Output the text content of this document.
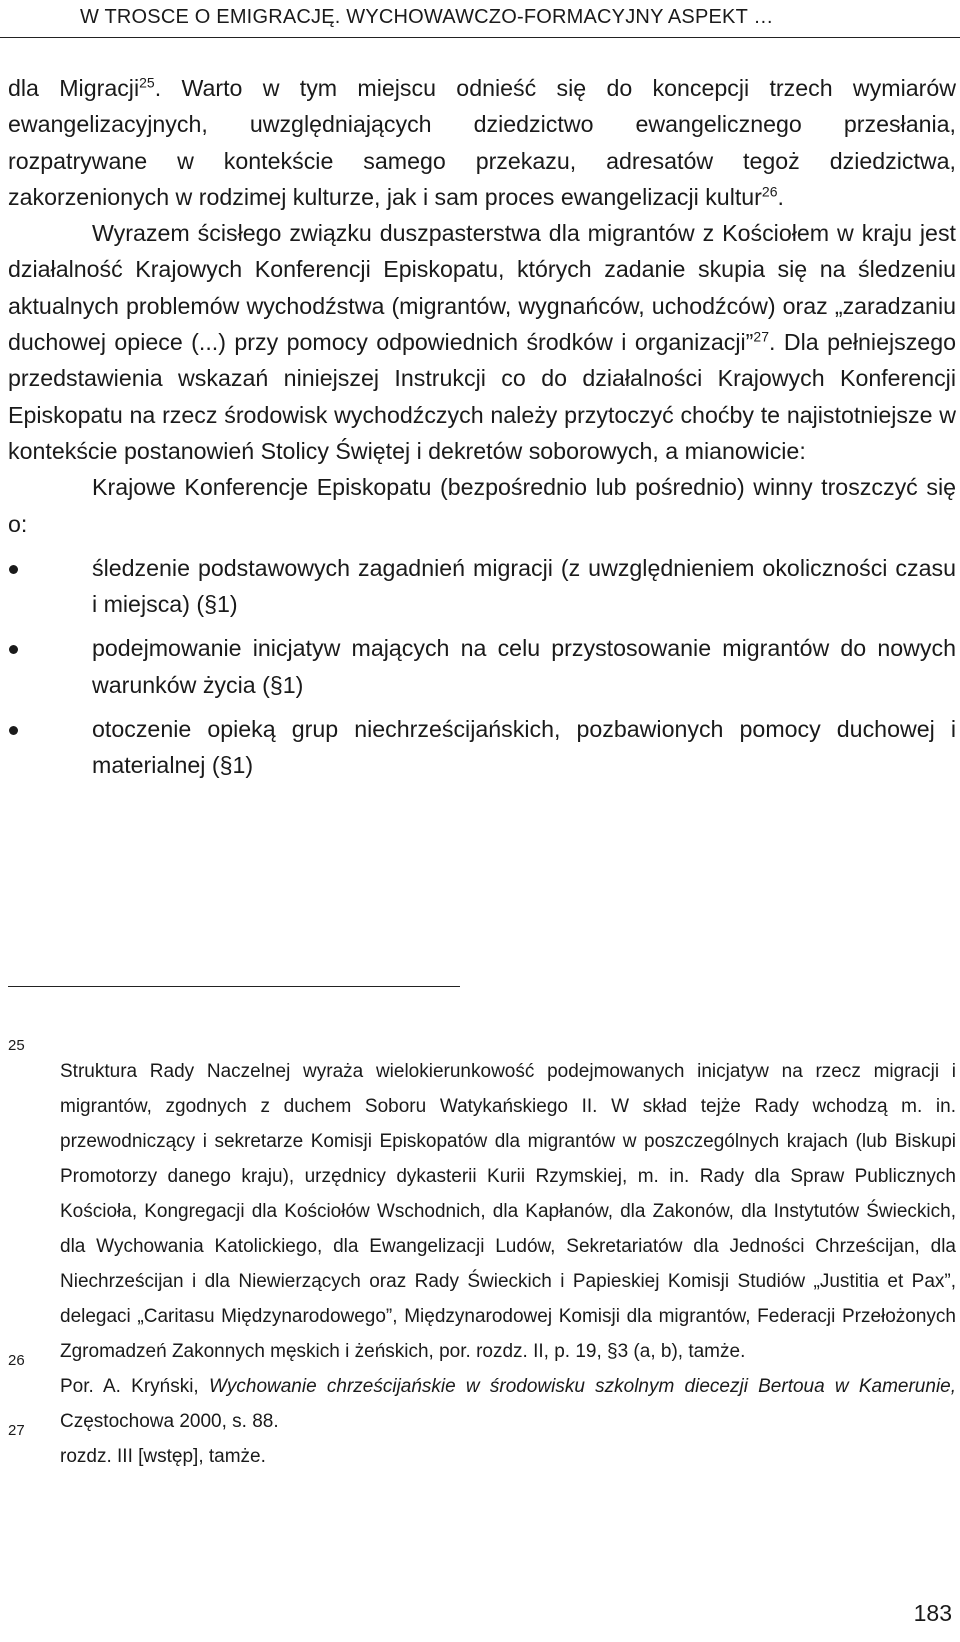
W TROSCE O EMIGRACJĘ. WYCHOWAWCZO-FORMACYJNY ASPEKT …

dla Migracji$^{25}$. Warto w tym miejscu odnieść się do koncepcji trzech wymiarów ewangelizacyjnych, uwzględniających dziedzictwo ewangelicznego przesłania, rozpatrywane w kontekście samego przekazu, adresatów tegoż dziedzictwa, zakorzenionych w rodzimej kulturze, jak i sam proces ewangelizacji kultur$^{26}$.

Wyrazem ścisłego związku duszpasterstwa dla migrantów z Kościołem w kraju jest działalność Krajowych Konferencji Episkopatu, których zadanie skupia się na śledzeniu aktualnych problemów wychodźstwa (migrantów, wygnańców, uchodźców) oraz „zaradzaniu duchowej opiece (...) przy pomocy odpowiednich środków i organizacji”$^{27}$. Dla pełniejszego przedstawienia wskazań niniejszej Instrukcji co do działalności Krajowych Konferencji Episkopatu na rzecz środowisk wychodźczych należy przytoczyć choćby te najistotniejsze w kontekście postanowień Stolicy Świętej i dekretów soborowych, a mianowicie:

Krajowe Konferencje Episkopatu (bezpośrednio lub pośrednio) winny troszczyć się o:

śledzenie podstawowych zagadnień migracji (z uwzględnieniem okoliczności czasu i miejsca) (§1)
podejmowanie inicjatyw mających na celu przystosowanie migrantów do nowych warunków życia (§1)
otoczenie opieką grup niechrześcijańskich, pozbawionych pomocy duchowej i materialnej (§1)
25
Struktura Rady Naczelnej wyraża wielokierunkowość podejmowanych inicjatyw na rzecz migracji i migrantów, zgodnych z duchem Soboru Watykańskiego II. W skład tejże Rady wchodzą m. in. przewodniczący i sekretarze Komisji Episkopatów dla migrantów w poszczególnych krajach (lub Biskupi Promotorzy danego kraju), urzędnicy dykasterii Kurii Rzymskiej, m. in. Rady dla Spraw Publicznych Kościoła, Kongregacji dla Kościołów Wschodnich, dla Kapłanów, dla Zakonów, dla Instytutów Świeckich, dla Wychowania Katolickiego, dla Ewangelizacji Ludów, Sekretariatów dla Jedności Chrześcijan, dla Niechrześcijan i dla Niewierzących oraz Rady Świeckich i Papieskiej Komisji Studiów „Justitia et Pax”, delegaci „Caritasu Międzynarodowego”, Międzynarodowej Komisji dla migrantów, Federacji Przełożonych Zgromadzeń Zakonnych męskich i żeńskich, por. rozdz. II, p. 19, §3 (a, b), tamże.
26
Por. A. Kryński, Wychowanie chrześcijańskie w środowisku szkolnym diecezji Bertoua w Kamerunie, Częstochowa 2000, s. 88.
27
rozdz. III [wstęp], tamże.
183
